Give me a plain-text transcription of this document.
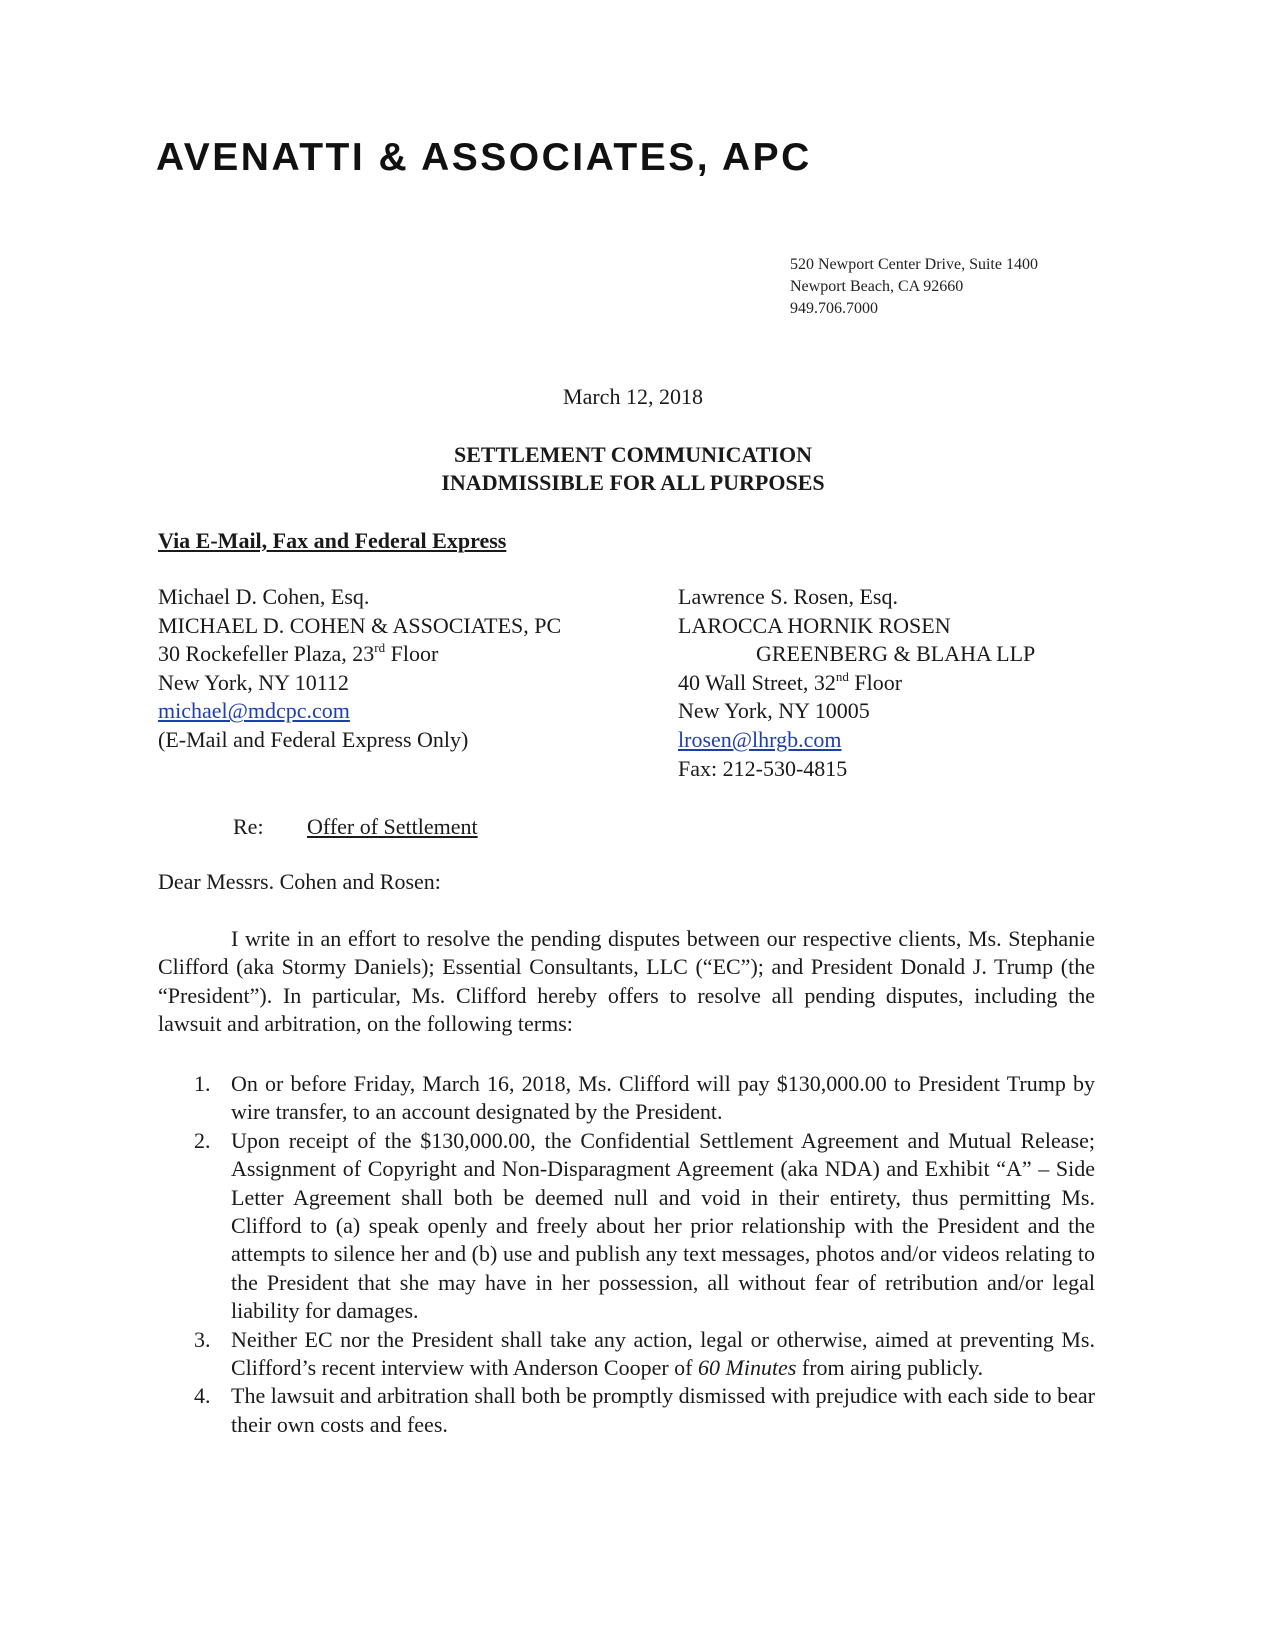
AVENATTI & ASSOCIATES, APC
520 Newport Center Drive, Suite 1400
Newport Beach, CA 92660
949.706.7000
March 12, 2018
SETTLEMENT COMMUNICATION
INADMISSIBLE FOR ALL PURPOSES
Via E-Mail, Fax and Federal Express
Michael D. Cohen, Esq.
MICHAEL D. COHEN & ASSOCIATES, PC
30 Rockefeller Plaza, 23rd Floor
New York, NY 10112
michael@mdcpc.com
(E-Mail and Federal Express Only)
Lawrence S. Rosen, Esq.
LAROCCA HORNIK ROSEN
GREENBERG & BLAHA LLP
40 Wall Street, 32nd Floor
New York, NY 10005
lrosen@lhrgb.com
Fax: 212-530-4815
Re: Offer of Settlement
Dear Messrs. Cohen and Rosen:
I write in an effort to resolve the pending disputes between our respective clients, Ms. Stephanie Clifford (aka Stormy Daniels); Essential Consultants, LLC (“EC”); and President Donald J. Trump (the “President”). In particular, Ms. Clifford hereby offers to resolve all pending disputes, including the lawsuit and arbitration, on the following terms:
1. On or before Friday, March 16, 2018, Ms. Clifford will pay $130,000.00 to President Trump by wire transfer, to an account designated by the President.
2. Upon receipt of the $130,000.00, the Confidential Settlement Agreement and Mutual Release; Assignment of Copyright and Non-Disparagment Agreement (aka NDA) and Exhibit “A” – Side Letter Agreement shall both be deemed null and void in their entirety, thus permitting Ms. Clifford to (a) speak openly and freely about her prior relationship with the President and the attempts to silence her and (b) use and publish any text messages, photos and/or videos relating to the President that she may have in her possession, all without fear of retribution and/or legal liability for damages.
3. Neither EC nor the President shall take any action, legal or otherwise, aimed at preventing Ms. Clifford’s recent interview with Anderson Cooper of 60 Minutes from airing publicly.
4. The lawsuit and arbitration shall both be promptly dismissed with prejudice with each side to bear their own costs and fees.
